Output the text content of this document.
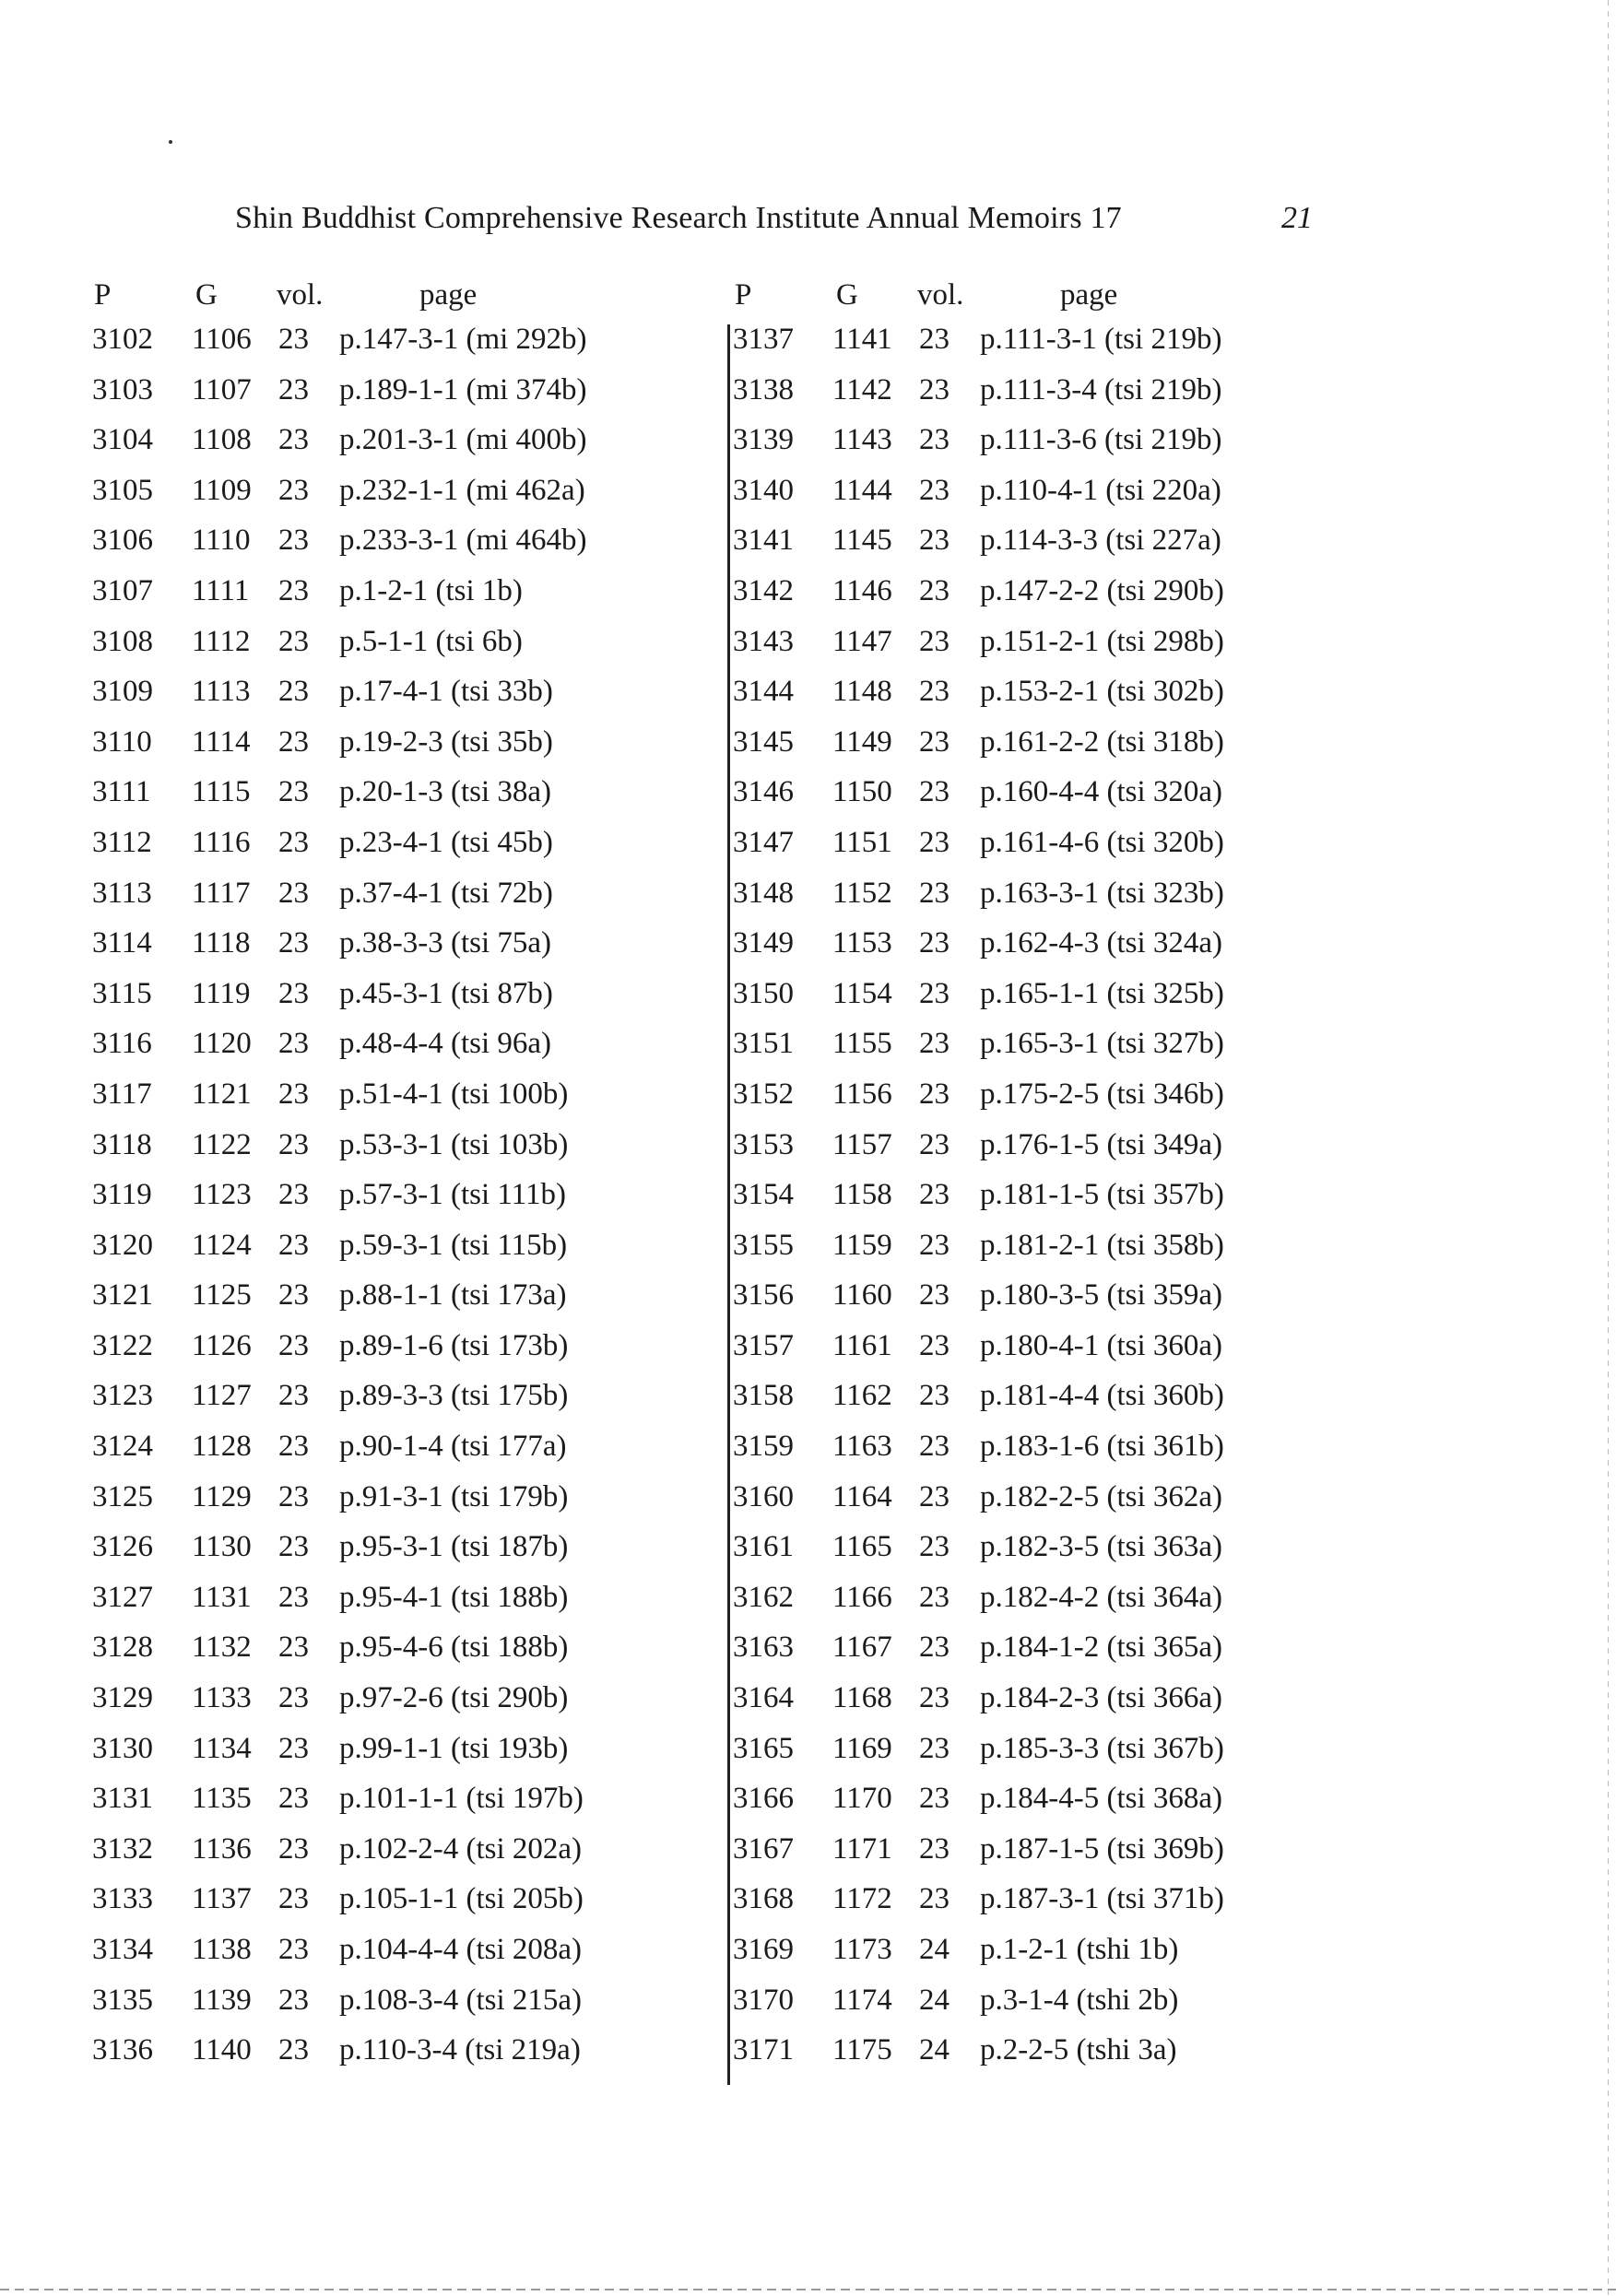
Shin Buddhist Comprehensive Research Institute Annual Memoirs 17	21
P	G vol.	page
3102 1106 23 p.147-3-1 (mi 292b)
3103 1107 23 p.189-1-1 (mi 374b)
3104 1108 23 p.201-3-1 (mi 400b)
3105 1109 23 p.232-1-1 (mi 462a)
3106 1110 23 p.233-3-1 (mi 464b)
3107 1111 23 p.1-2-1 (tsi 1b)
3108 1112 23 p.5-1-1 (tsi 6b)
3109 1113 23 p.17-4-1 (tsi 33b)
3110 1114 23 p.19-2-3 (tsi 35b)
3111 1115 23 p.20-1-3 (tsi 38a)
3112 1116 23 p.23-4-1 (tsi 45b)
3113 1117 23 p.37-4-1 (tsi 72b)
3114 1118 23 p.38-3-3 (tsi 75a)
3115 1119 23 p.45-3-1 (tsi 87b)
3116 1120 23 p.48-4-4 (tsi 96a)
3117 1121 23 p.51-4-1 (tsi 100b)
3118 1122 23 p.53-3-1 (tsi 103b)
3119 1123 23 p.57-3-1 (tsi 111b)
3120 1124 23 p.59-3-1 (tsi 115b)
3121 1125 23 p.88-1-1 (tsi 173a)
3122 1126 23 p.89-1-6 (tsi 173b)
3123 1127 23 p.89-3-3 (tsi 175b)
3124 1128 23 p.90-1-4 (tsi 177a)
3125 1129 23 p.91-3-1 (tsi 179b)
3126 1130 23 p.95-3-1 (tsi 187b)
3127 1131 23 p.95-4-1 (tsi 188b)
3128 1132 23 p.95-4-6 (tsi 188b)
3129 1133 23 p.97-2-6 (tsi 290b)
3130 1134 23 p.99-1-1 (tsi 193b)
3131 1135 23 p.101-1-1 (tsi 197b)
3132 1136 23 p.102-2-4 (tsi 202a)
3133 1137 23 p.105-1-1 (tsi 205b)
3134 1138 23 p.104-4-4 (tsi 208a)
3135 1139 23 p.108-3-4 (tsi 215a)
3136 1140 23 p.110-3-4 (tsi 219a)
P	G vol.	page
3137 1141 23 p.111-3-1 (tsi 219b)
3138 1142 23 p.111-3-4 (tsi 219b)
3139 1143 23 p.111-3-6 (tsi 219b)
3140 1144 23 p.110-4-1 (tsi 220a)
3141 1145 23 p.114-3-3 (tsi 227a)
3142 1146 23 p.147-2-2 (tsi 290b)
3143 1147 23 p.151-2-1 (tsi 298b)
3144 1148 23 p.153-2-1 (tsi 302b)
3145 1149 23 p.161-2-2 (tsi 318b)
3146 1150 23 p.160-4-4 (tsi 320a)
3147 1151 23 p.161-4-6 (tsi 320b)
3148 1152 23 p.163-3-1 (tsi 323b)
3149 1153 23 p.162-4-3 (tsi 324a)
3150 1154 23 p.165-1-1 (tsi 325b)
3151 1155 23 p.165-3-1 (tsi 327b)
3152 1156 23 p.175-2-5 (tsi 346b)
3153 1157 23 p.176-1-5 (tsi 349a)
3154 1158 23 p.181-1-5 (tsi 357b)
3155 1159 23 p.181-2-1 (tsi 358b)
3156 1160 23 p.180-3-5 (tsi 359a)
3157 1161 23 p.180-4-1 (tsi 360a)
3158 1162 23 p.181-4-4 (tsi 360b)
3159 1163 23 p.183-1-6 (tsi 361b)
3160 1164 23 p.182-2-5 (tsi 362a)
3161 1165 23 p.182-3-5 (tsi 363a)
3162 1166 23 p.182-4-2 (tsi 364a)
3163 1167 23 p.184-1-2 (tsi 365a)
3164 1168 23 p.184-2-3 (tsi 366a)
3165 1169 23 p.185-3-3 (tsi 367b)
3166 1170 23 p.184-4-5 (tsi 368a)
3167 1171 23 p.187-1-5 (tsi 369b)
3168 1172 23 p.187-3-1 (tsi 371b)
3169 1173 24 p.1-2-1 (tshi 1b)
3170 1174 24 p.3-1-4 (tshi 2b)
3171 1175 24 p.2-2-5 (tshi 3a)
